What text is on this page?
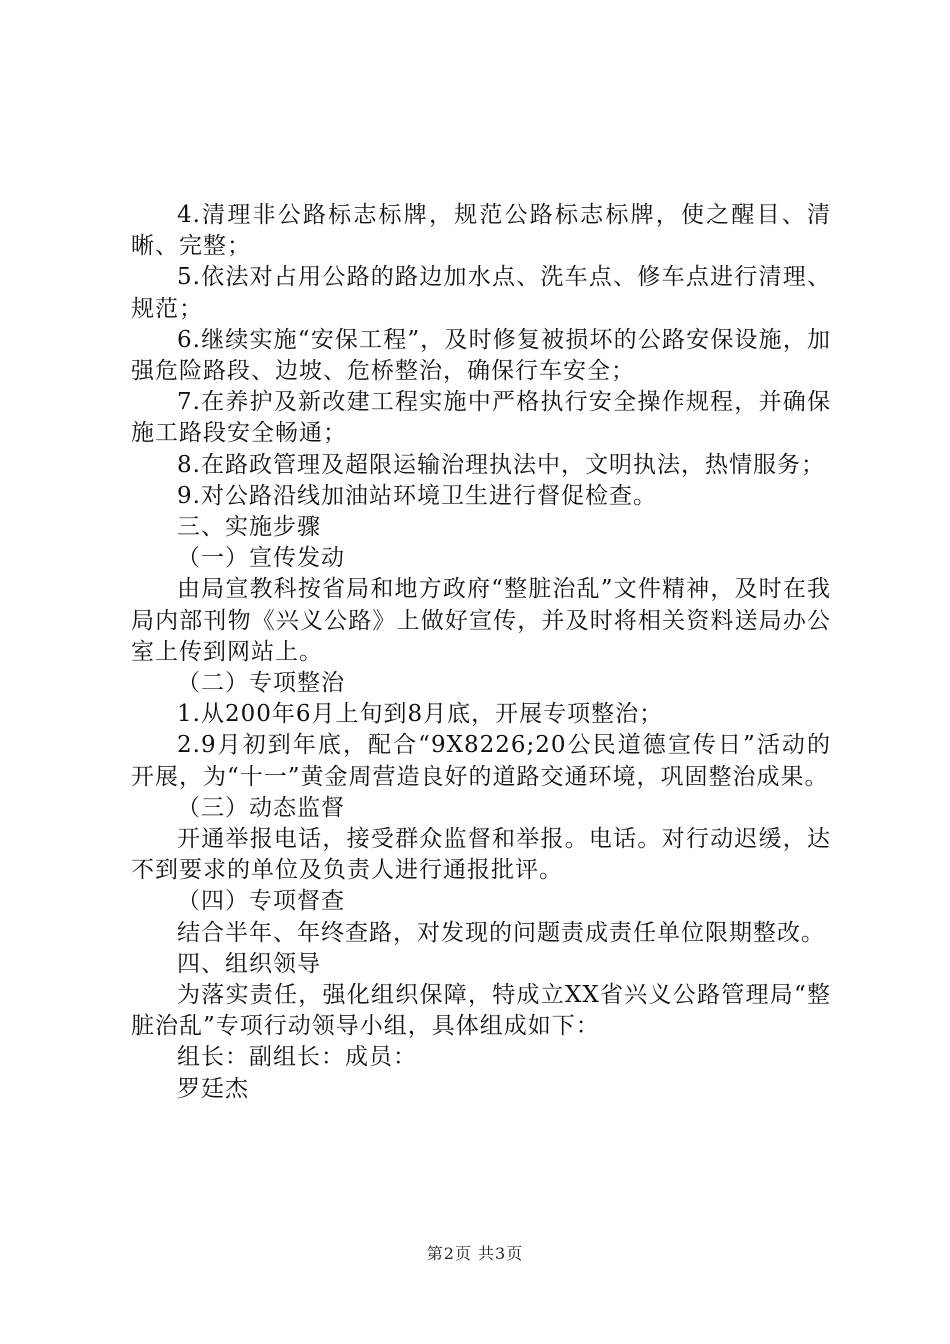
4.清理非公路标志标牌，规范公路标志标牌，使之醒目、清晰、完整；

5.依法对占用公路的路边加水点、洗车点、修车点进行清理、规范；

6.继续实施“安保工程”，及时修复被损坏的公路安保设施，加强危险路段、边坡、危桥整治，确保行车安全；

7.在养护及新改建工程实施中严格执行安全操作规程，并确保施工路段安全畅通；

8.在路政管理及超限运输治理执法中，文明执法，热情服务；

9.对公路沿线加油站环境卫生进行督促检查。

三、实施步骤

（一）宣传发动

由局宣教科按省局和地方政府“整脏治乱”文件精神，及时在我局内部刊物《兴义公路》上做好宣传，并及时将相关资料送局办公室上传到网站上。

（二）专项整治

1.从200年6月上旬到8月底，开展专项整治；

2.9月初到年底，配合“9X8226;20公民道德宣传日”活动的开展，为“十一”黄金周营造良好的道路交通环境，巩固整治成果。

（三）动态监督

开通举报电话，接受群众监督和举报。电话。对行动迟缓，达不到要求的单位及负责人进行通报批评。

（四）专项督查

结合半年、年终查路，对发现的问题责成责任单位限期整改。

四、组织领导

为落实责任，强化组织保障，特成立XX省兴义公路管理局“整脏治乱”专项行动领导小组，具体组成如下：

组长：副组长：成员：

罗廷杰

第2页 共3页
